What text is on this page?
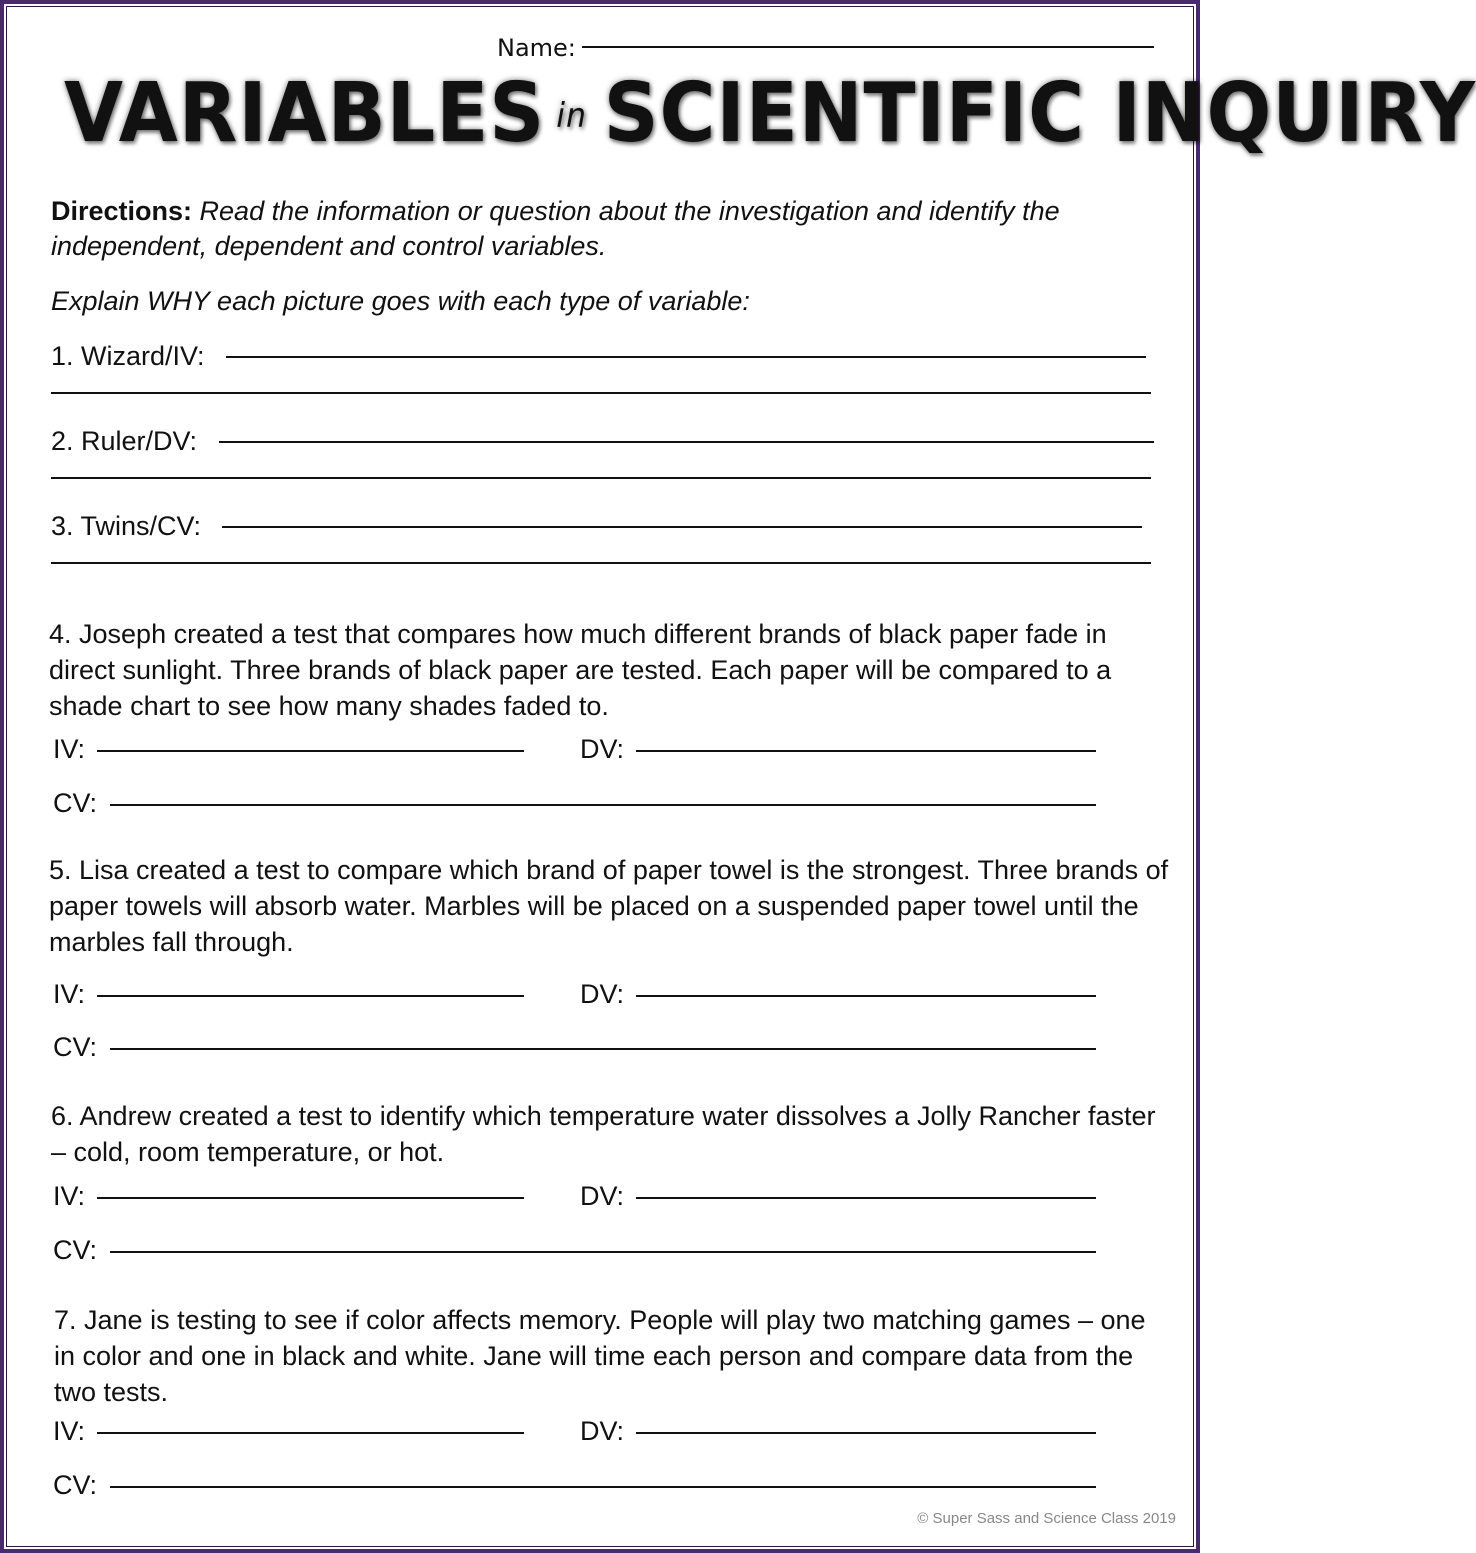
Name:
VARIABLES in SCIENTIFIC INQUIRY
Directions: Read the information or question about the investigation and identify the independent, dependent and control variables.
Explain WHY each picture goes with each type of variable:
1. Wizard/IV:
2. Ruler/DV:
3. Twins/CV:
4. Joseph created a test that compares how much different brands of black paper fade in direct sunlight. Three brands of black paper are tested. Each paper will be compared to a shade chart to see how many shades faded to.
IV:	DV:
CV:
5. Lisa created a test to compare which brand of paper towel is the strongest. Three brands of paper towels will absorb water. Marbles will be placed on a suspended paper towel until the marbles fall through.
IV:	DV:
CV:
6. Andrew created a test to identify which temperature water dissolves a Jolly Rancher faster – cold, room temperature, or hot.
IV:	DV:
CV:
7. Jane is testing to see if color affects memory. People will play two matching games – one in color and one in black and white. Jane will time each person and compare data from the two tests.
IV:	DV:
CV:
© Super Sass and Science Class 2019
